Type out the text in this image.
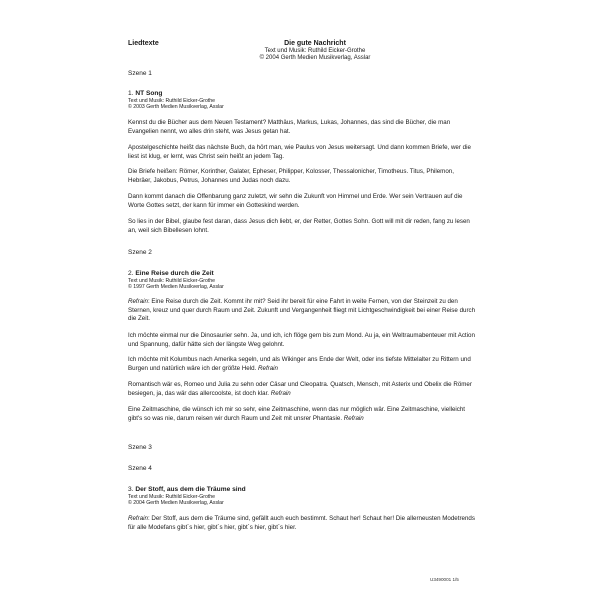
Liedtexte	Die gute Nachricht
Text und Musik: Ruthild Eicker-Grothe
© 2004 Gerth Medien Musikverlag, Asslar
Szene 1
1. NT Song
Text und Musik: Ruthild Eicker-Grothe
© 2003 Gerth Medien Musikverlag, Asslar

Kennst du die Bücher aus dem Neuen Testament? Matthäus, Markus, Lukas, Johannes, das sind die Bücher, die man Evangelien nennt, wo alles drin steht, was Jesus getan hat.

Apostelgeschichte heißt das nächste Buch, da hört man, wie Paulus von Jesus weitersagt. Und dann kommen Briefe, wer die liest ist klug, er lernt, was Christ sein heißt an jedem Tag.

Die Briefe heißen: Römer, Korinther, Galater, Epheser, Philipper, Kolosser, Thessalonicher, Timotheus. Titus, Philemon, Hebräer, Jakobus, Petrus, Johannes und Judas noch dazu.

Dann kommt danach die Offenbarung ganz zuletzt, wir sehn die Zukunft von Himmel und Erde. Wer sein Vertrauen auf die Worte Gottes setzt, der kann für immer ein Gotteskind werden.

So lies in der Bibel, glaube fest daran, dass Jesus dich liebt, er, der Retter, Gottes Sohn. Gott will mit dir reden, fang zu lesen an, weil sich Bibellesen lohnt.

Szene 2
2. Eine Reise durch die Zeit
Text und Musik: Ruthild Eicker-Grothe
© 1997 Gerth Medien Musikverlag, Asslar

Refrain: Eine Reise durch die Zeit. Kommt ihr mit? Seid ihr bereit für eine Fahrt in weite Fernen, von der Steinzeit zu den Sternen, kreuz und quer durch Raum und Zeit. Zukunft und Vergangenheit fliegt mit Lichtgeschwindigkeit bei einer Reise durch die Zeit.

Ich möchte einmal nur die Dinosaurier sehn. Ja, und ich, ich flöge gern bis zum Mond. Au ja, ein Weltraumabenteuer mit Action und Spannung, dafür hätte sich der längste Weg gelohnt.

Ich möchte mit Kolumbus nach Amerika segeln, und als Wikinger ans Ende der Welt, oder ins tiefste Mittelalter zu Rittern und Burgen und natürlich wäre ich der größte Held. Refrain

Romantisch wär es, Romeo und Julia zu sehn oder Cäsar und Cleopatra. Quatsch, Mensch, mit Asterix und Obelix die Römer besiegen, ja, das wär das allercoolste, ist doch klar. Refrain

Eine Zeitmaschine, die wünsch ich mir so sehr, eine Zeitmaschine, wenn das nur möglich wär. Eine Zeitmaschine, vielleicht gibt's so was nie, darum reisen wir durch Raum und Zeit mit unsrer Phantasie. Refrain

Szene 3
Szene 4
3. Der Stoff, aus dem die Träume sind
Text und Musik: Ruthild Eicker-Grothe
© 2004 Gerth Medien Musikverlag, Asslar

Refrain: Der Stoff, aus dem die Träume sind, gefällt auch euch bestimmt. Schaut her! Schaut her! Die allerneusten Modetrends für alle Modefans gibt´s hier, gibt´s hier, gibt´s hier, gibt´s hier.

U3490001 1/5
